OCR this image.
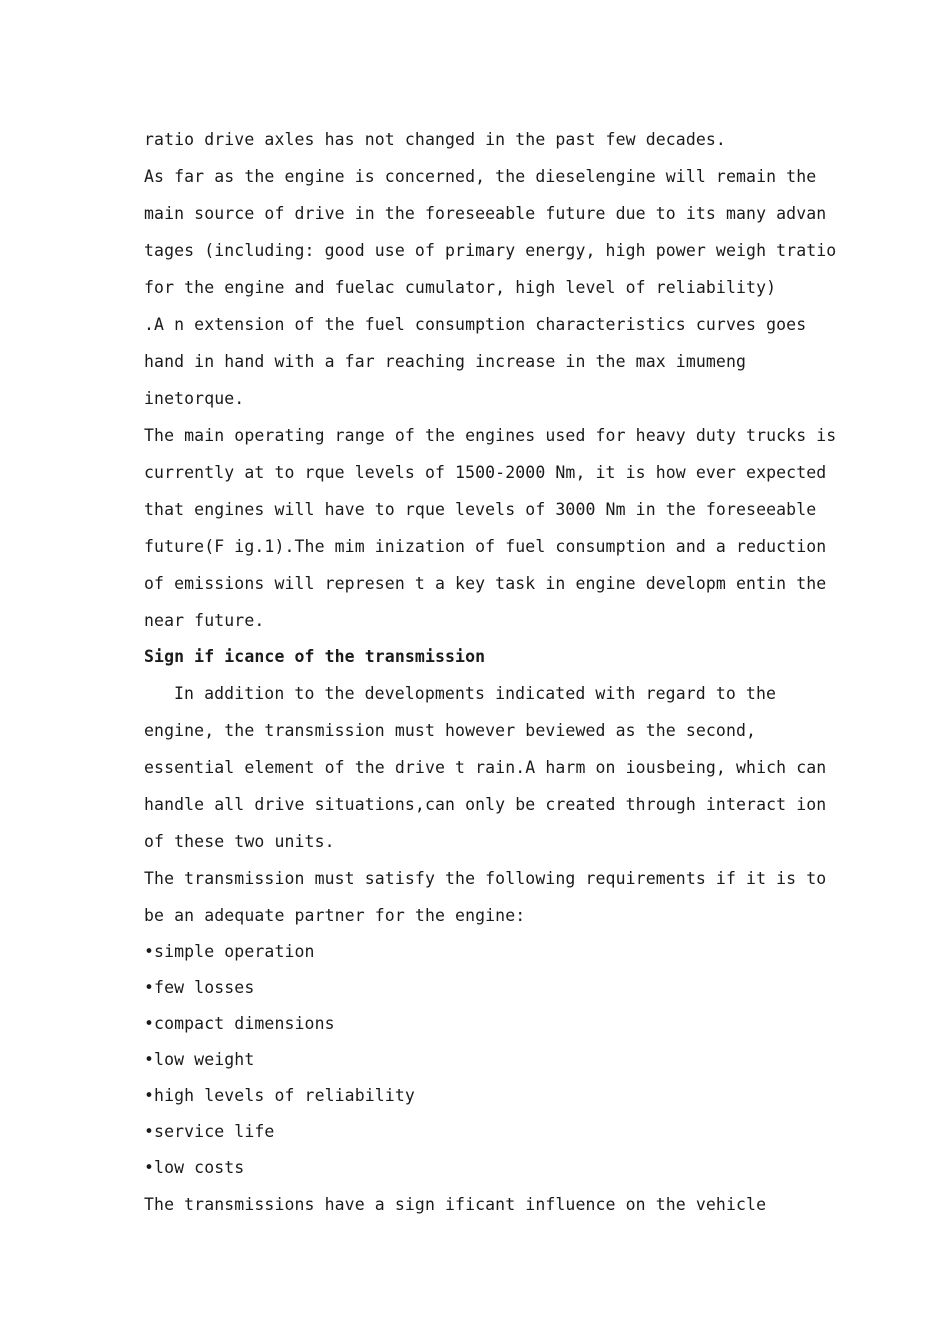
ratio drive axles has not changed in the past few decades.
As far as the engine is concerned, the dieselengine will remain the
main source of drive in the foreseeable future due to its many advan
tages (including: good use of primary energy, high power weigh tratio
for the engine and fuelac cumulator, high level of reliability)
.A n extension of the fuel consumption characteristics curves goes
hand in hand with a far reaching increase in the max imumeng
inetorque.
The main operating range of the engines used for heavy duty trucks is
currently at to rque levels of 1500-2000 Nm, it is how ever expected
that engines will have to rque levels of 3000 Nm in the foreseeable
future(F ig.1).The mim inization of fuel consumption and a reduction
of emissions will represen t a key task in engine developm entin the
near future.
Sign if icance of the transmission
In addition to the developments indicated with regard to the
engine, the transmission must however beviewed as the second,
essential element of the drive t rain.A harm on iousbeing, which can
handle all drive situations,can only be created through interact ion
of these two units.
The transmission must satisfy the following requirements if it is to
be an adequate partner for the engine:
•simple operation
•few losses
•compact dimensions
•low weight
•high levels of reliability
•service life
•low costs
The transmissions have a sign ificant influence on the vehicle
